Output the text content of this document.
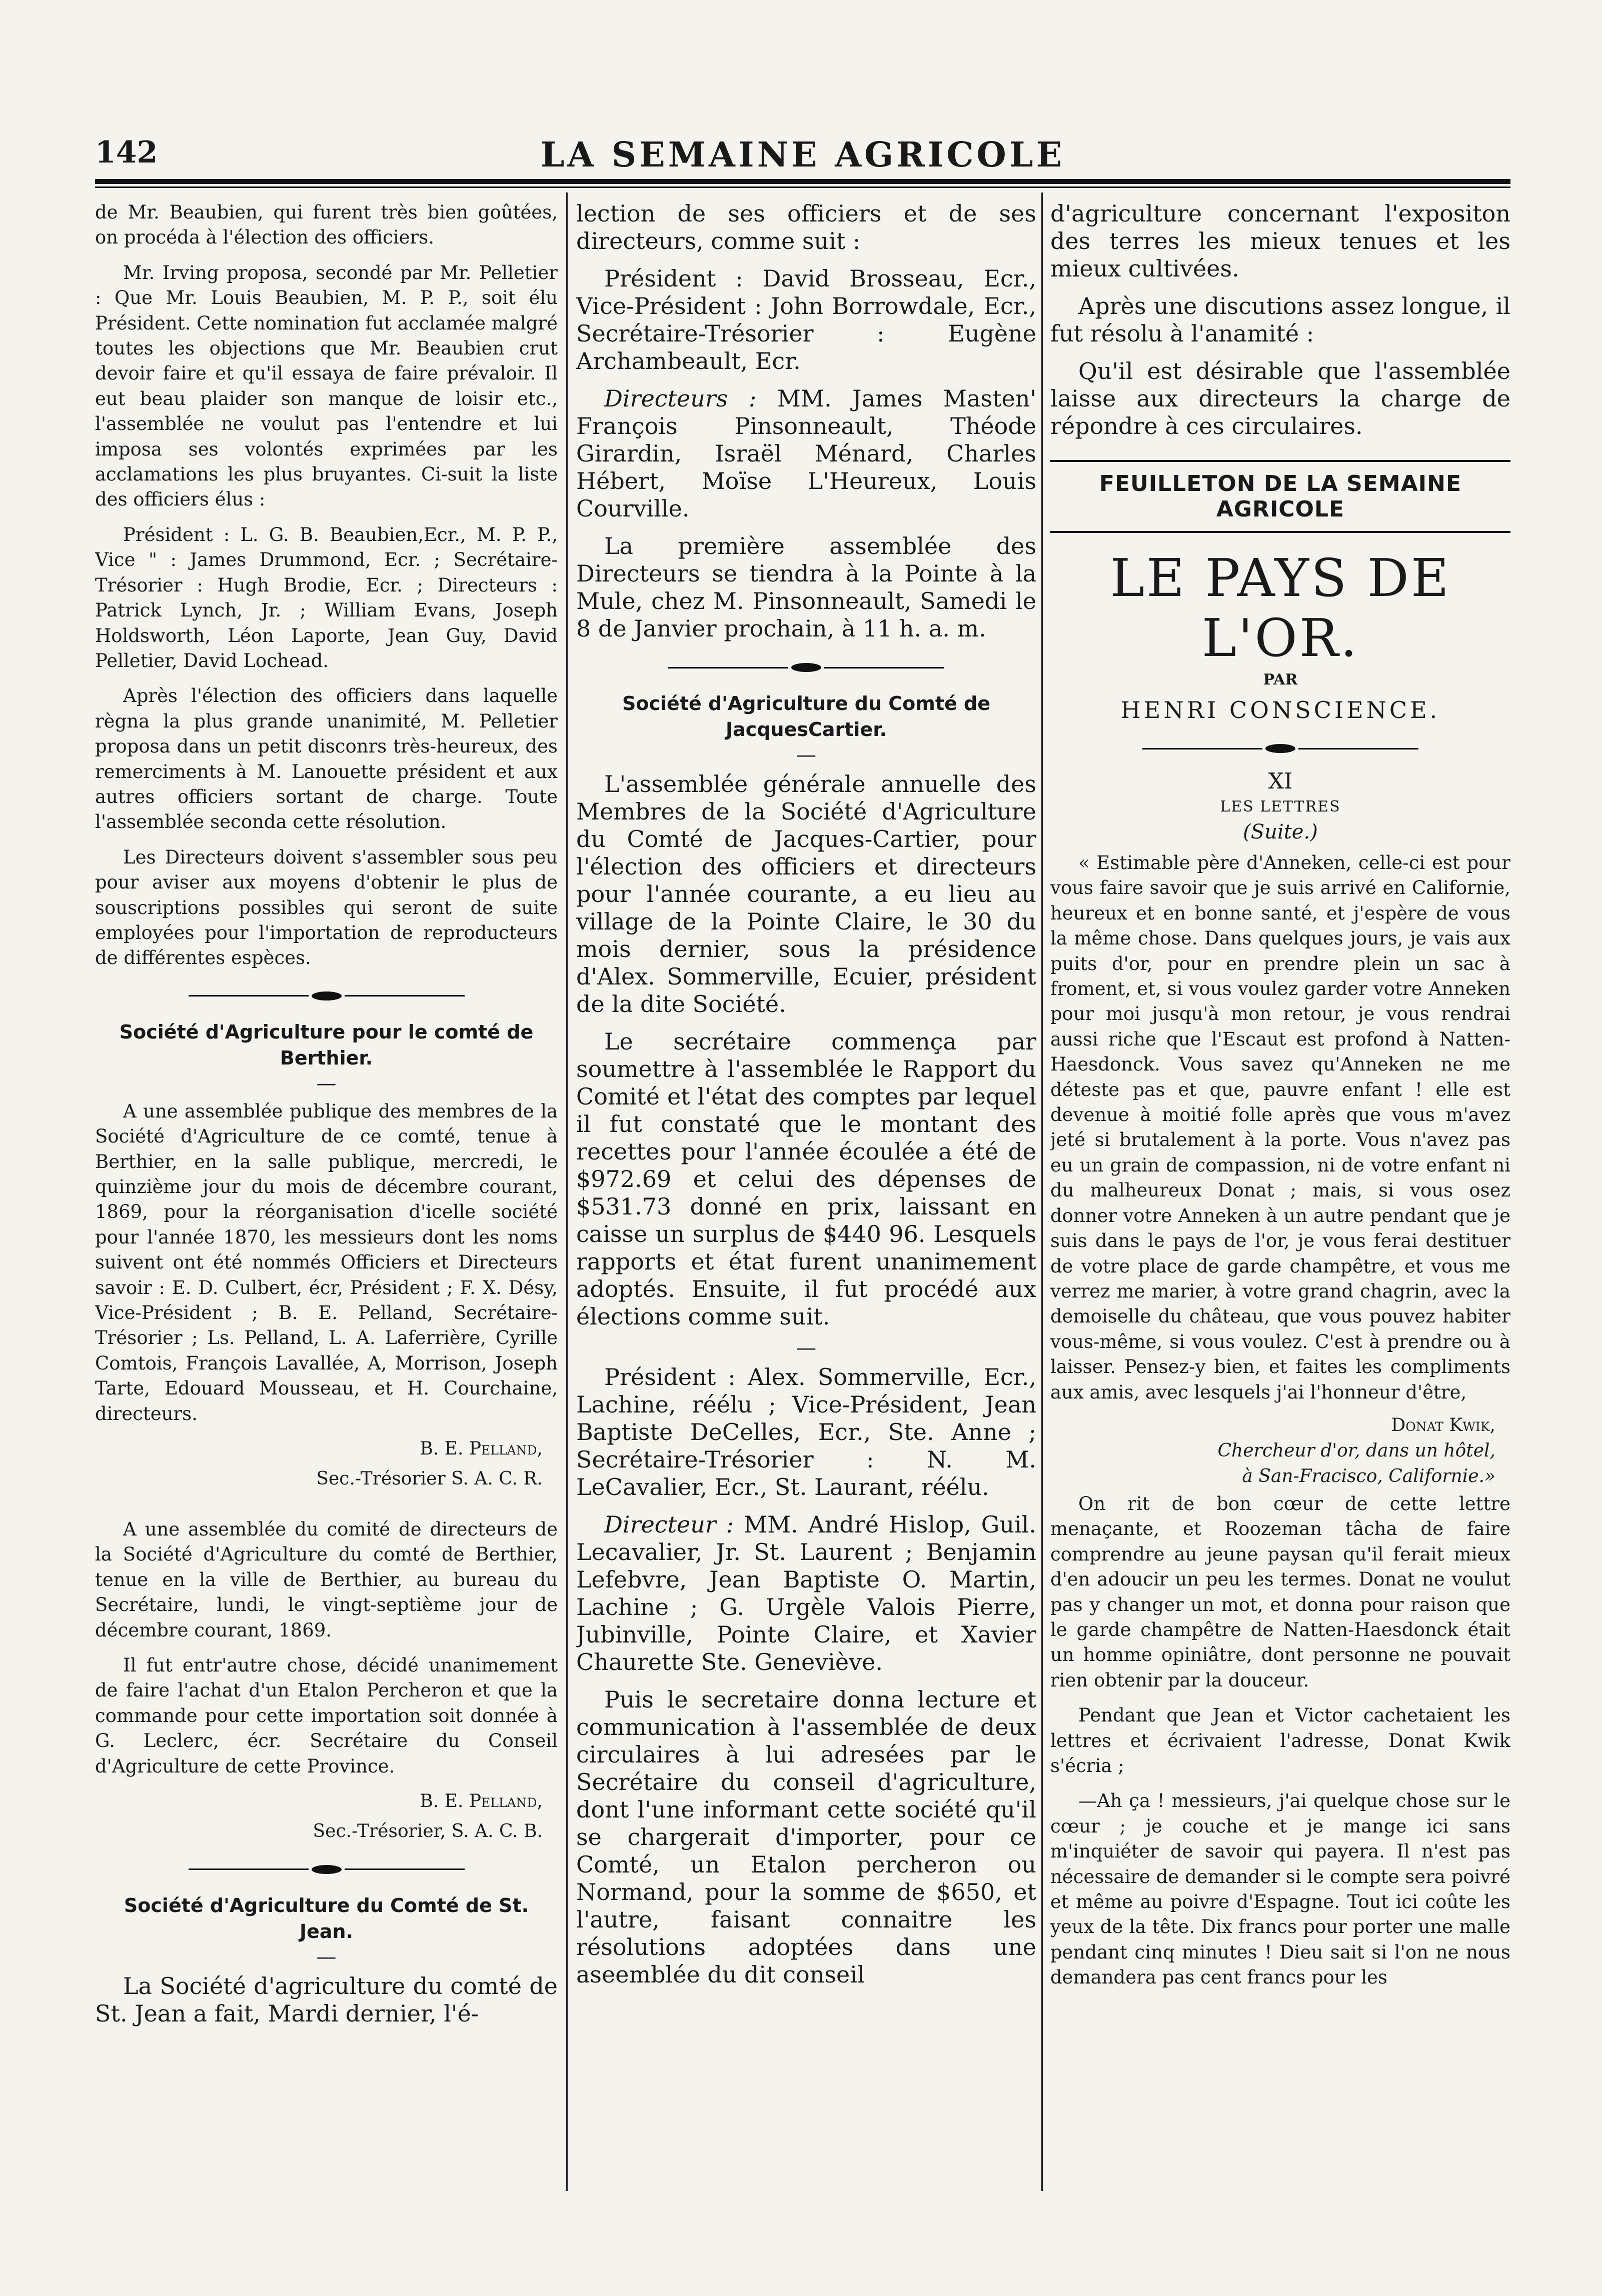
142	LA SEMAINE AGRICOLE

de Mr. Beaubien, qui furent très bien goûtées, on procéda à l'élection des officiers.

Mr. Irving proposa, secondé par Mr. Pelletier : Que Mr. Louis Beaubien, M. P. P., soit élu Président. Cette nomination fut acclamée malgré toutes les objections que Mr. Beaubien crut devoir faire et qu'il essaya de faire prévaloir. Il eut beau plaider son manque de loisir etc., l'assemblée ne voulut pas l'entendre et lui imposa ses volontés exprimées par les acclamations les plus bruyantes. Ci-suit la liste des officiers élus :

Président : L. G. B. Beaubien,Ecr., M. P. P., Vice " : James Drummond, Ecr. ; Secrétaire-Trésorier : Hugh Brodie, Ecr. ; Directeurs : Patrick Lynch, Jr. ; William Evans, Joseph Holdsworth, Léon Laporte, Jean Guy, David Pelletier, David Lochead.

Après l'élection des officiers dans laquelle règna la plus grande unanimité, M. Pelletier proposa dans un petit disconrs très-heureux, des remerciments à M. Lanouette président et aux autres officiers sortant de charge. Toute l'assemblée seconda cette résolution.

Les Directeurs doivent s'assembler sous peu pour aviser aux moyens d'obtenir le plus de souscriptions possibles qui seront de suite employées pour l'importation de reproducteurs de différentes espèces.

Société d'Agriculture pour le comté de Berthier.
—

A une assemblée publique des membres de la Société d'Agriculture de ce comté, tenue à Berthier, en la salle publique, mercredi, le quinzième jour du mois de décembre courant, 1869, pour la réorganisation d'icelle société pour l'année 1870, les messieurs dont les noms suivent ont été nommés Officiers et Directeurs savoir : E. D. Culbert, écr, Président ; F. X. Désy, Vice-Président ; B. E. Pelland, Secrétaire-Trésorier ; Ls. Pelland, L. A. Laferrière, Cyrille Comtois, François Lavallée, A, Morrison, Joseph Tarte, Edouard Mousseau, et H. Courchaine, directeurs.

B. E. Pelland,
Sec.-Trésorier S. A. C. R.

A une assemblée du comité de directeurs de la Société d'Agriculture du comté de Berthier, tenue en la ville de Berthier, au bureau du Secrétaire, lundi, le vingt-septième jour de décembre courant, 1869.

Il fut entr'autre chose, décidé unanimement de faire l'achat d'un Etalon Percheron et que la commande pour cette importation soit donnée à G. Leclerc, écr. Secrétaire du Conseil d'Agriculture de cette Province.

B. E. Pelland,
Sec.-Trésorier, S. A. C. B.
Société d'Agriculture du Comté de St. Jean.
—

La Société d'agriculture du comté de St. Jean a fait, Mardi dernier, l'é-

lection de ses officiers et de ses directeurs, comme suit :

Président : David Brosseau, Ecr., Vice-Président : John Borrowdale, Ecr., Secrétaire-Trésorier : Eugène Archambeault, Ecr.

Directeurs : MM. James Masten' François Pinsonneault, Théode Girardin, Israël Ménard, Charles Hébert, Moïse L'Heureux, Louis Courville.

La première assemblée des Directeurs se tiendra à la Pointe à la Mule, chez M. Pinsonneault, Samedi le 8 de Janvier prochain, à 11 h. a. m.

Société d'Agriculture du Comté de JacquesCartier.
—

L'assemblée générale annuelle des Membres de la Société d'Agriculture du Comté de Jacques-Cartier, pour l'élection des officiers et directeurs pour l'année courante, a eu lieu au village de la Pointe Claire, le 30 du mois dernier, sous la présidence d'Alex. Sommerville, Ecuier, président de la dite Société.

Le secrétaire commença par soumettre à l'assemblée le Rapport du Comité et l'état des comptes par lequel il fut constaté que le montant des recettes pour l'année écoulée a été de $972.69 et celui des dépenses de $531.73 donné en prix, laissant en caisse un surplus de $440 96. Lesquels rapports et état furent unanimement adoptés. Ensuite, il fut procédé aux élections comme suit.

—

Président : Alex. Sommerville, Ecr., Lachine, réélu ; Vice-Président, Jean Baptiste DeCelles, Ecr., Ste. Anne ; Secrétaire-Trésorier : N. M. LeCavalier, Ecr., St. Laurant, réélu.

Directeur : MM. André Hislop, Guil. Lecavalier, Jr. St. Laurent ; Benjamin Lefebvre, Jean Baptiste O. Martin, Lachine ; G. Urgèle Valois Pierre, Jubinville, Pointe Claire, et Xavier Chaurette Ste. Geneviève.

Puis le secretaire donna lecture et communication à l'assemblée de deux circulaires à lui adresées par le Secrétaire du conseil d'agriculture, dont l'une informant cette société qu'il se chargerait d'importer, pour ce Comté, un Etalon percheron ou Normand, pour la somme de $650, et l'autre, faisant connaitre les résolutions adoptées dans une aseemblée du dit conseil

d'agriculture concernant l'expositon des terres les mieux tenues et les mieux cultivées.

Après une discutions assez longue, il fut résolu à l'anamité :

Qu'il est désirable que l'assemblée laisse aux directeurs la charge de répondre à ces circulaires.

FEUILLETON DE LA SEMAINE AGRICOLE
LE PAYS DE L'OR.
PAR
HENRI CONSCIENCE.
XI
LES LETTRES
(Suite.)

« Estimable père d'Anneken, celle-ci est pour vous faire savoir que je suis arrivé en Californie, heureux et en bonne santé, et j'espère de vous la même chose. Dans quelques jours, je vais aux puits d'or, pour en prendre plein un sac à froment, et, si vous voulez garder votre Anneken pour moi jusqu'à mon retour, je vous rendrai aussi riche que l'Escaut est profond à Natten-Haesdonck. Vous savez qu'Anneken ne me déteste pas et que, pauvre enfant ! elle est devenue à moitié folle après que vous m'avez jeté si brutalement à la porte. Vous n'avez pas eu un grain de compassion, ni de votre enfant ni du malheureux Donat ; mais, si vous osez donner votre Anneken à un autre pendant que je suis dans le pays de l'or, je vous ferai destituer de votre place de garde champêtre, et vous me verrez me marier, à votre grand chagrin, avec la demoiselle du château, que vous pouvez habiter vous-même, si vous voulez. C'est à prendre ou à laisser. Pensez-y bien, et faites les compliments aux amis, avec lesquels j'ai l'honneur d'être,

Donat Kwik,
Chercheur d'or, dans un hôtel,
à San-Fracisco, Californie.»

On rit de bon cœur de cette lettre menaçante, et Roozeman tâcha de faire comprendre au jeune paysan qu'il ferait mieux d'en adoucir un peu les termes. Donat ne voulut pas y changer un mot, et donna pour raison que le garde champêtre de Natten-Haesdonck était un homme opiniâtre, dont personne ne pouvait rien obtenir par la douceur.

Pendant que Jean et Victor cachetaient les lettres et écrivaient l'adresse, Donat Kwik s'écria ;

—Ah ça ! messieurs, j'ai quelque chose sur le cœur ; je couche et je mange ici sans m'inquiéter de savoir qui payera. Il n'est pas nécessaire de demander si le compte sera poivré et même au poivre d'Espagne. Tout ici coûte les yeux de la tête. Dix francs pour porter une malle pendant cinq minutes ! Dieu sait si l'on ne nous demandera pas cent francs pour les
